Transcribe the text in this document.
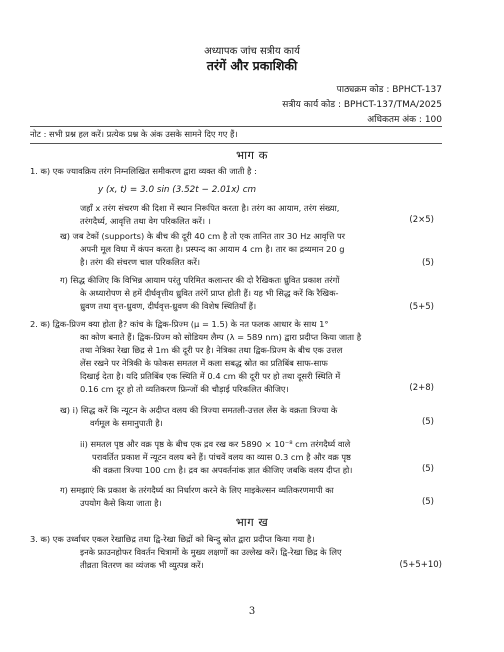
अध्यापक जांच सत्रीय कार्य
तरंगें और प्रकाशिकी
पाठ्यक्रम कोड : BPHCT-137
सत्रीय कार्य कोड : BPHCT-137/TMA/2025
अधिकतम अंक : 100
नोट : सभी प्रश्न हल करें। प्रत्येक प्रश्न के अंक उसके सामने दिए गए हैं।
भाग क
1. क) एक ज्यावक्रिय तरंग निम्नलिखित समीकरण द्वारा व्यक्त की जाती है :
y (x, t) = 3.0 sin (3.52t − 2.01x) cm
जहाँ x तरंग संचरण की दिशा में स्थान निरूपित करता है। तरंग का आयाम, तरंग संख्या,
तरंगदैर्घ्य, आवृत्ति तथा वेग परिकलित करें। ।	(2×5)
ख) जब टेकों (supports) के बीच की दूरी 40 cm है तो एक तानित तार 30 Hz आवृत्ति पर
अपनी मूल विधा में कंपन करता है। प्रस्पन्द का आयाम 4 cm है। तार का द्रव्यमान 20 g
है। तरंग की संचरण चाल परिकलित करें।	(5)
ग) सिद्ध कीजिए कि विभिन्न आयाम परंतु परिमित कलान्तर की दो रैखिकतः ध्रुवित प्रकाश तरंगों
के अध्यारोपण से हमें दीर्घवृत्तीय ध्रुवित तरंगें प्राप्त होती हैं। यह भी सिद्ध करें कि रैखिक-
ध्रुवण तथा वृत्त-ध्रुवण, दीर्घवृत्त-ध्रुवण की विशेष स्थितियाँ हैं।	(5+5)
2. क) द्विक-प्रिज्म क्या होता है? कांच के द्विक-प्रिज्म (μ = 1.5) के नत फलक आधार के साथ 1°
का कोण बनाते हैं। द्विक-प्रिज्म को सोडियम लैम्प (λ = 589 nm) द्वारा प्रदीप्त किया जाता है
तथा नेत्रिका रेखा छिद्र से 1m की दूरी पर है। नेत्रिका तथा द्विक-प्रिज्म के बीच एक उत्तल
लेंस रखने पर नेत्रिकी के फोकस समतल में कला सबद्ध स्रोत का प्रतिबिंब साफ-साफ
दिखाई देता है। यदि प्रतिबिंब एक स्थिति में 0.4 cm की दूरी पर हो तथा दूसरी स्थिति में
0.16 cm दूर हो तो व्यतिकरण फ्रिन्जों की चौड़ाई परिकलित कीजिए।	(2+8)
ख) i) सिद्ध करें कि न्यूटन के अदीप्त वलय की त्रिज्या समतली-उत्तल लेंस के वक्रता त्रिज्या के
वर्गमूल के समानुपाती है।	(5)
ii) समतल पृष्ठ और वक्र पृष्ठ के बीच एक द्रव रख कर 5890 × 10⁻⁸ cm तरंगदैर्घ्य वाले
परावर्तित प्रकाश में न्यूटन वलय बने हैं। पांचवें वलय का व्यास 0.3 cm है और वक्र पृष्ठ
की वक्रता त्रिज्या 100 cm है। द्रव का अपवर्तनांक ज्ञात कीजिए जबकि वलय दीप्त हो।	(5)
ग) समझाएं कि प्रकाश के तरंगदैर्घ्य का निर्धारण करने के लिए माइकेल्सन व्यतिकरणमापी का
उपयोग कैसे किया जाता है।	(5)
भाग ख
3. क) एक उर्ध्वाधर एकल रेखाछिद्र तथा द्वि-रेखा छिद्रों को बिन्दु स्रोत द्वारा प्रदीप्त किया गया है।
इनके फ्राउनहोफर विवर्तन चित्रामों के मुख्य लक्षणों का उल्लेख करें। द्वि-रेखा छिद्र के लिए
तीव्रता वितरण का व्यंजक भी व्युत्पन्न करें।	(5+5+10)
3
